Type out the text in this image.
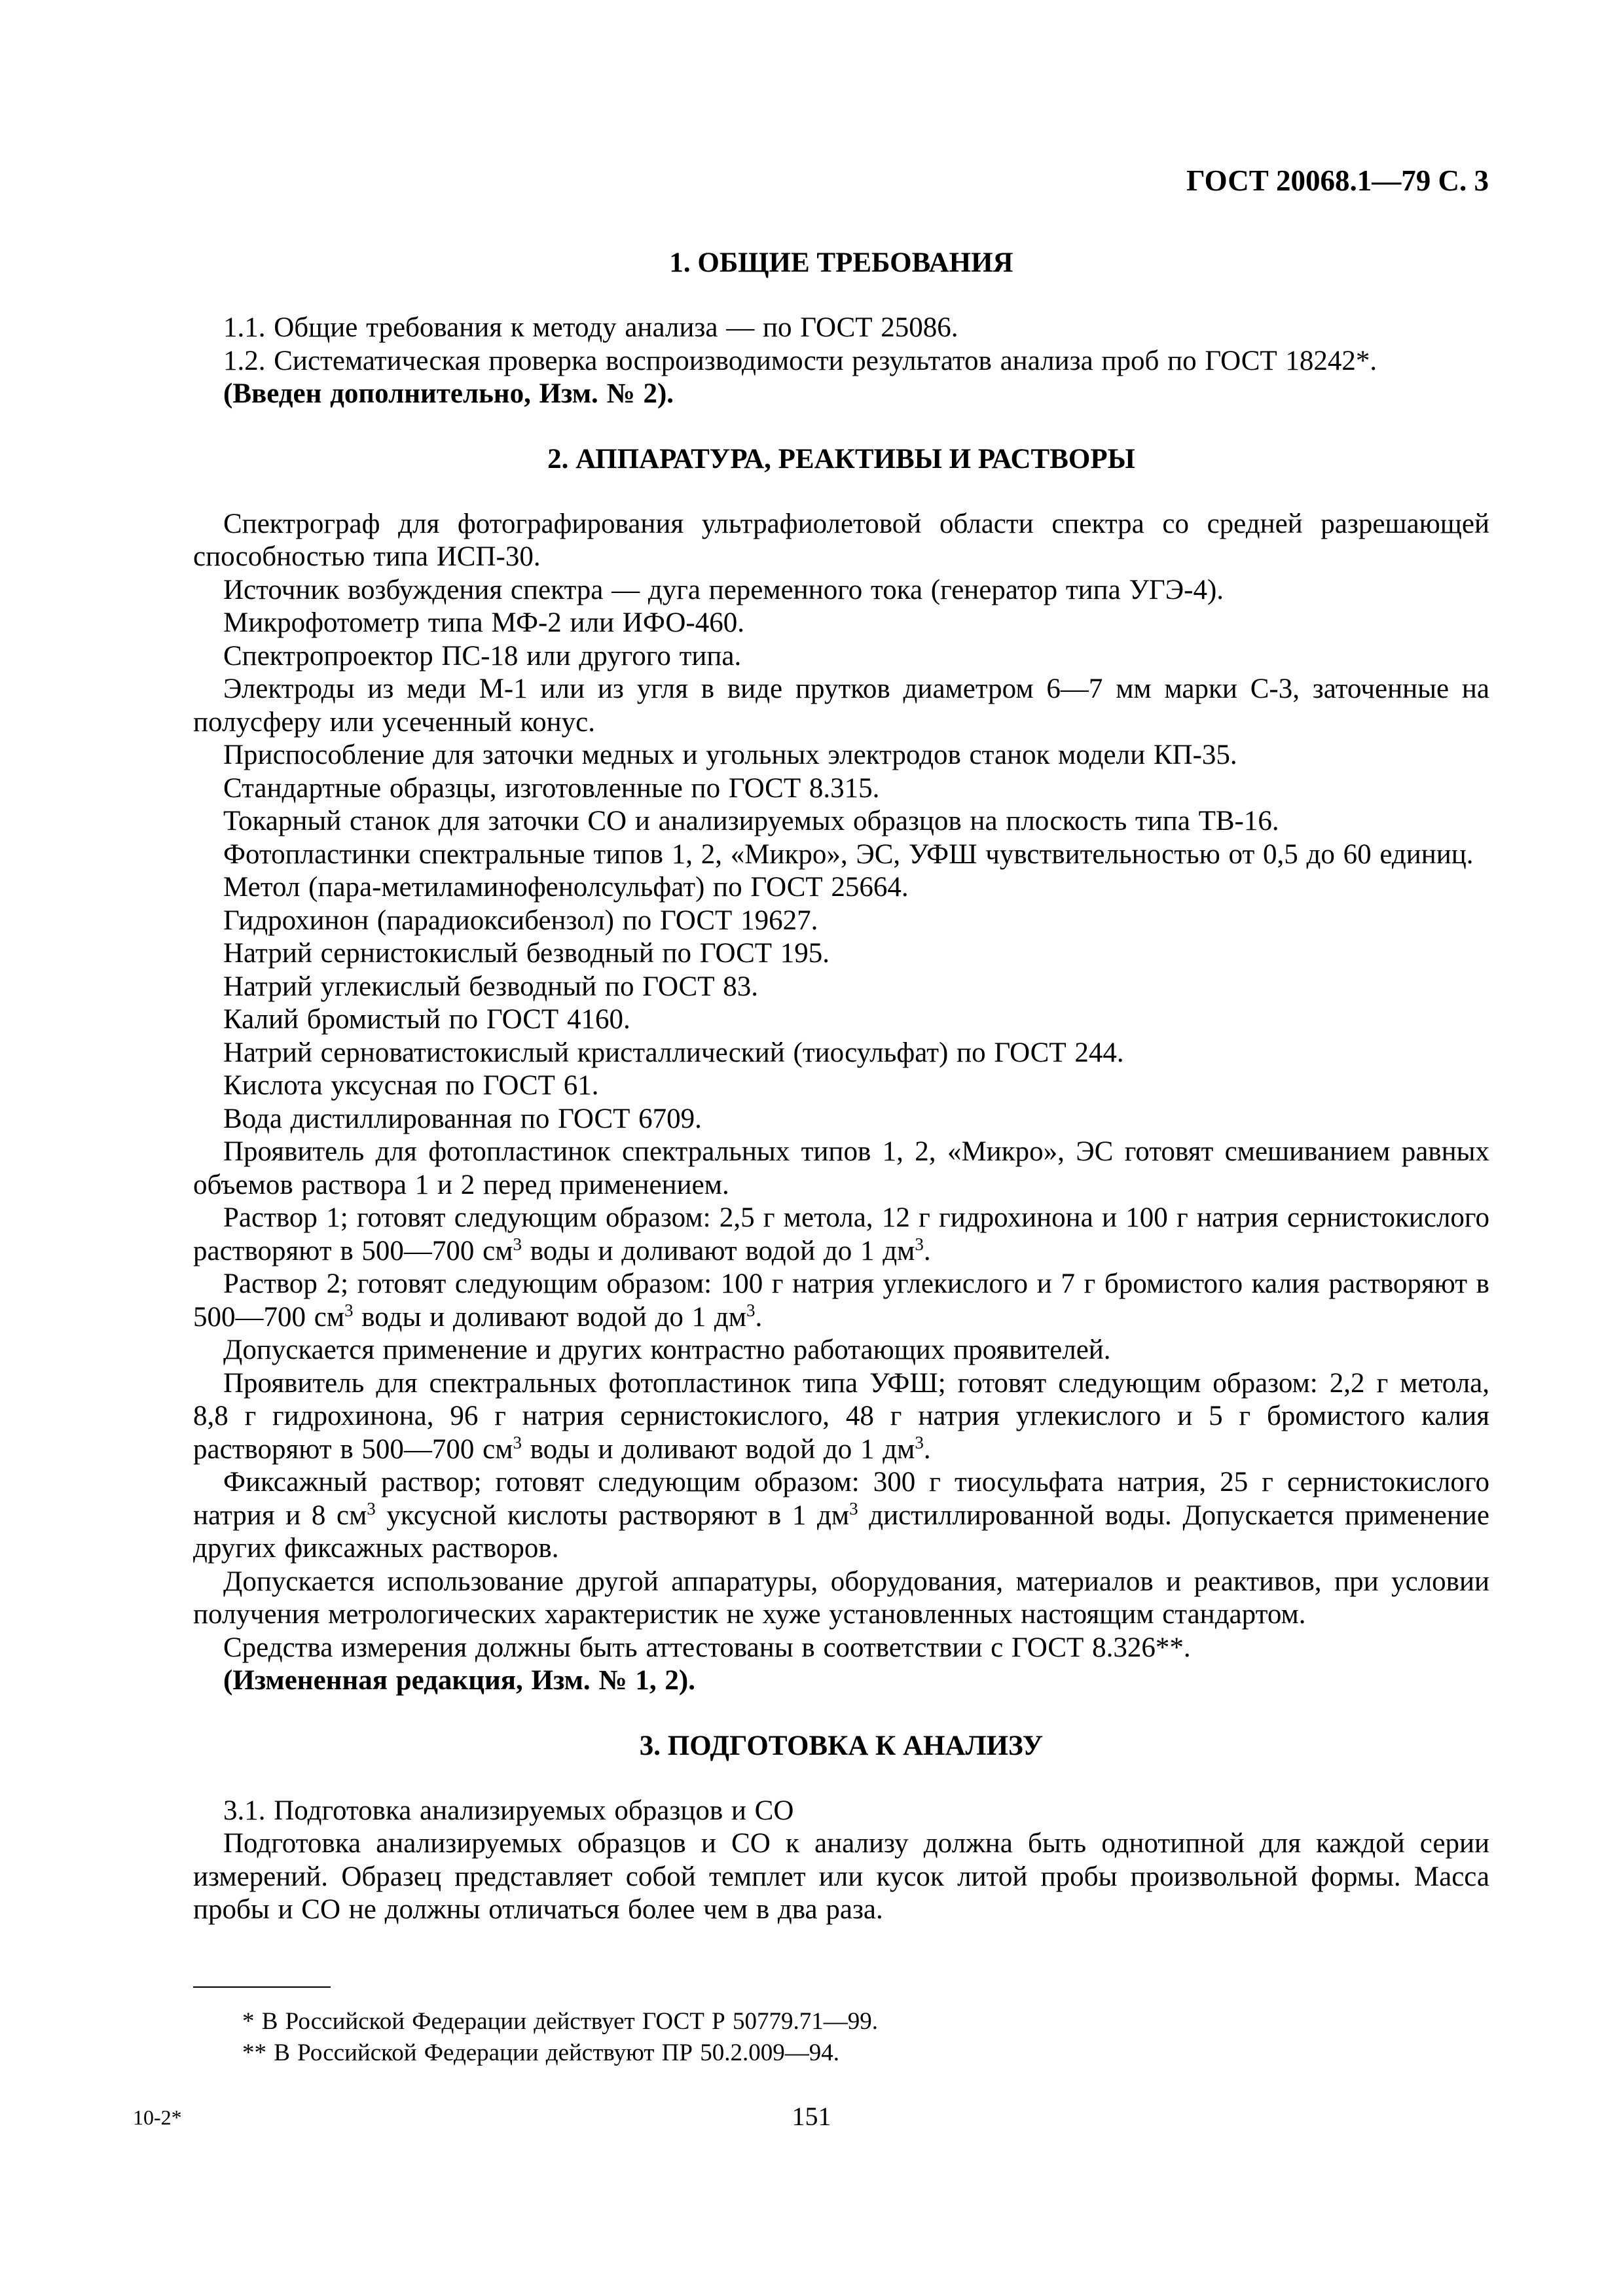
ГОСТ 20068.1—79 С. 3
1. ОБЩИЕ ТРЕБОВАНИЯ

1.1. Общие требования к методу анализа — по ГОСТ 25086.

1.2. Систематическая проверка воспроизводимости результатов анализа проб по ГОСТ 18242*.

(Введен дополнительно, Изм. № 2).

2. АППАРАТУРА, РЕАКТИВЫ И РАСТВОРЫ

Спектрограф для фотографирования ультрафиолетовой области спектра со средней разрешающей способностью типа ИСП-30.

Источник возбуждения спектра — дуга переменного тока (генератор типа УГЭ-4).

Микрофотометр типа МФ-2 или ИФО-460.

Спектропроектор ПС-18 или другого типа.

Электроды из меди М-1 или из угля в виде прутков диаметром 6—7 мм марки С-3, заточенные на полусферу или усеченный конус.

Приспособление для заточки медных и угольных электродов станок модели КП-35.

Стандартные образцы, изготовленные по ГОСТ 8.315.

Токарный станок для заточки СО и анализируемых образцов на плоскость типа ТВ-16.

Фотопластинки спектральные типов 1, 2, «Микро», ЭС, УФШ чувствительностью от 0,5 до 60 единиц.

Метол (пара-метиламинофенолсульфат) по ГОСТ 25664.

Гидрохинон (парадиоксибензол) по ГОСТ 19627.

Натрий сернистокислый безводный по ГОСТ 195.

Натрий углекислый безводный по ГОСТ 83.

Калий бромистый по ГОСТ 4160.

Натрий серноватистокислый кристаллический (тиосульфат) по ГОСТ 244.

Кислота уксусная по ГОСТ 61.

Вода дистиллированная по ГОСТ 6709.

Проявитель для фотопластинок спектральных типов 1, 2, «Микро», ЭС готовят смешиванием равных объемов раствора 1 и 2 перед применением.

Раствор 1; готовят следующим образом: 2,5 г метола, 12 г гидрохинона и 100 г натрия сернистокислого растворяют в 500—700 $см^3$ воды и доливают водой до 1 $дм^3$.

Раствор 2; готовят следующим образом: 100 г натрия углекислого и 7 г бромистого калия растворяют в 500—700 $см^3$ воды и доливают водой до 1 $дм^3$.

Допускается применение и других контрастно работающих проявителей.

Проявитель для спектральных фотопластинок типа УФШ; готовят следующим образом: 2,2 г метола, 8,8 г гидрохинона, 96 г натрия сернистокислого, 48 г натрия углекислого и 5 г бромистого калия растворяют в 500—700 $см^3$ воды и доливают водой до 1 $дм^3$.

Фиксажный раствор; готовят следующим образом: 300 г тиосульфата натрия, 25 г сернистокислого натрия и 8 $см^3$ уксусной кислоты растворяют в 1 $дм^3$ дистиллированной воды. Допускается применение других фиксажных растворов.

Допускается использование другой аппаратуры, оборудования, материалов и реактивов, при условии получения метрологических характеристик не хуже установленных настоящим стандартом.

Средства измерения должны быть аттестованы в соответствии с ГОСТ 8.326**.

(Измененная редакция, Изм. № 1, 2).

3. ПОДГОТОВКА К АНАЛИЗУ

3.1. Подготовка анализируемых образцов и СО

Подготовка анализируемых образцов и СО к анализу должна быть однотипной для каждой серии измерений. Образец представляет собой темплет или кусок литой пробы произвольной формы. Масса пробы и СО не должны отличаться более чем в два раза.

* В Российской Федерации действует ГОСТ Р 50779.71—99.

** В Российской Федерации действуют ПР 50.2.009—94.

10-2*	151
